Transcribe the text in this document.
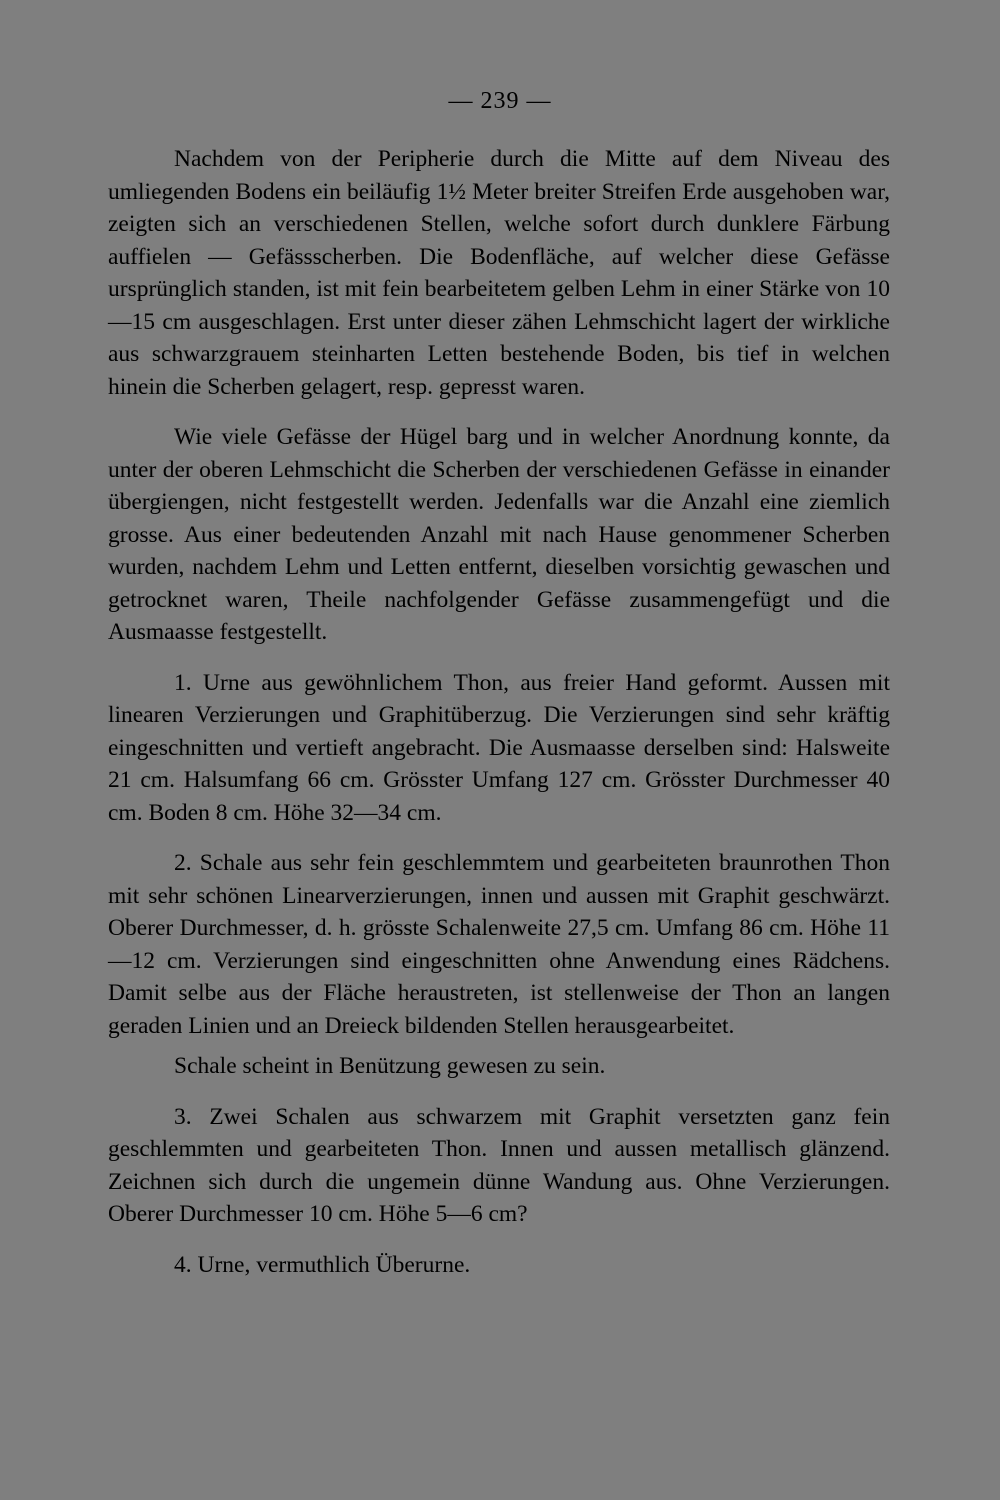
— 239 —

Nachdem von der Peripherie durch die Mitte auf dem Niveau des umliegenden Bodens ein beiläufig 1½ Meter breiter Streifen Erde ausgehoben war, zeigten sich an verschiedenen Stellen, welche sofort durch dunklere Färbung auffielen — Gefässscherben. Die Bodenfläche, auf welcher diese Gefässe ursprünglich standen, ist mit fein bearbeitetem gelben Lehm in einer Stärke von 10—15 cm ausgeschlagen. Erst unter dieser zähen Lehmschicht lagert der wirkliche aus schwarzgrauem steinharten Letten bestehende Boden, bis tief in welchen hinein die Scherben gelagert, resp. gepresst waren.

Wie viele Gefässe der Hügel barg und in welcher Anordnung konnte, da unter der oberen Lehmschicht die Scherben der verschiedenen Gefässe in einander übergiengen, nicht festgestellt werden. Jedenfalls war die Anzahl eine ziemlich grosse. Aus einer bedeutenden Anzahl mit nach Hause genommener Scherben wurden, nachdem Lehm und Letten entfernt, dieselben vorsichtig gewaschen und getrocknet waren, Theile nachfolgender Gefässe zusammengefügt und die Ausmaasse festgestellt.

1. Urne aus gewöhnlichem Thon, aus freier Hand geformt. Aussen mit linearen Verzierungen und Graphitüberzug. Die Verzierungen sind sehr kräftig eingeschnitten und vertieft angebracht. Die Ausmaasse derselben sind: Halsweite 21 cm. Halsumfang 66 cm. Grösster Umfang 127 cm. Grösster Durchmesser 40 cm. Boden 8 cm. Höhe 32—34 cm.

2. Schale aus sehr fein geschlemmtem und gearbeiteten braunrothen Thon mit sehr schönen Linearverzierungen, innen und aussen mit Graphit geschwärzt. Oberer Durchmesser, d. h. grösste Schalenweite 27,5 cm. Umfang 86 cm. Höhe 11—12 cm. Verzierungen sind eingeschnitten ohne Anwendung eines Rädchens. Damit selbe aus der Fläche heraustreten, ist stellenweise der Thon an langen geraden Linien und an Dreieck bildenden Stellen herausgearbeitet.

Schale scheint in Benützung gewesen zu sein.

3. Zwei Schalen aus schwarzem mit Graphit versetzten ganz fein geschlemmten und gearbeiteten Thon. Innen und aussen metallisch glänzend. Zeichnen sich durch die ungemein dünne Wandung aus. Ohne Verzierungen. Oberer Durchmesser 10 cm. Höhe 5—6 cm?

4. Urne, vermuthlich Überurne.
